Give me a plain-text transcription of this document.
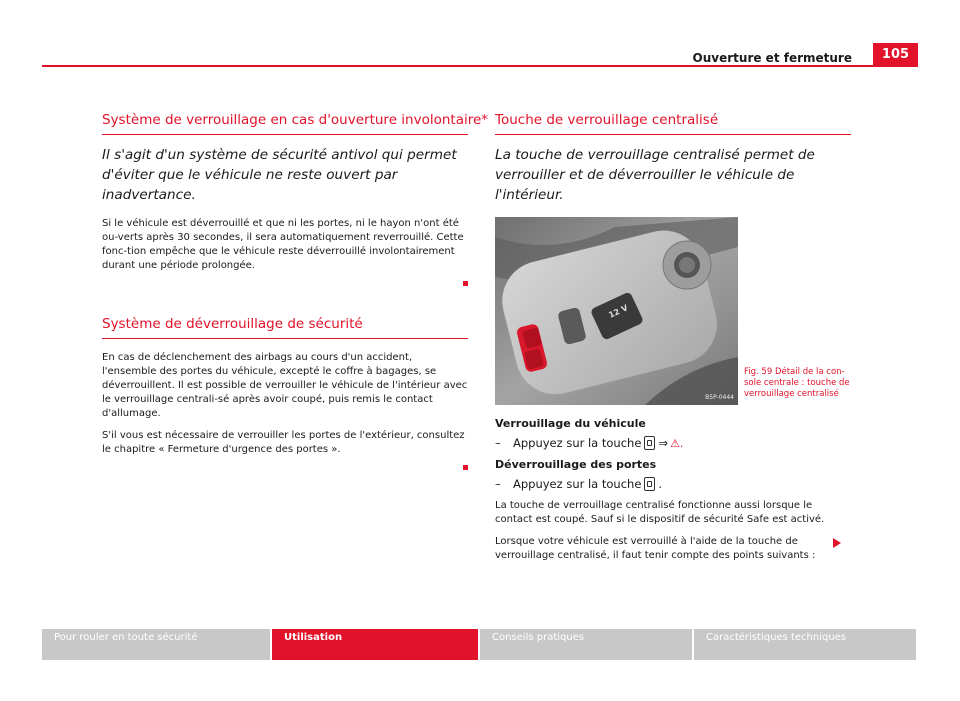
Ouverture et fermeture	105
Système de verrouillage en cas d'ouverture involontaire*

Il s'agit d'un système de sécurité antivol qui permet d'éviter que le véhicule ne reste ouvert par inadvertance.

Si le véhicule est déverrouillé et que ni les portes, ni le hayon n'ont été ou-verts après 30 secondes, il sera automatiquement reverrouillé. Cette fonc-tion empêche que le véhicule reste déverrouillé involontairement durant une période prolongée.

Système de déverrouillage de sécurité

En cas de déclenchement des airbags au cours d'un accident, l'ensemble des portes du véhicule, excepté le coffre à bagages, se déverrouillent. Il est possible de verrouiller le véhicule de l'intérieur avec le verrouillage centrali-sé après avoir coupé, puis remis le contact d'allumage.

S'il vous est nécessaire de verrouiller les portes de l'extérieur, consultez le chapitre « Fermeture d'urgence des portes ».

Touche de verrouillage centralisé

La touche de verrouillage centralisé permet de verrouiller et de déverrouiller le véhicule de l'intérieur.

12 V
B5P-0444
Fig. 59 Détail de la con-sole centrale : touche de verrouillage centralisé
Verrouillage du véhicule
–	Appuyez sur la touche ⇒ ⚠.
Déverrouillage des portes
–	Appuyez sur la touche .

La touche de verrouillage centralisé fonctionne aussi lorsque le contact est coupé. Sauf si le dispositif de sécurité Safe est activé.

Lorsque votre véhicule est verrouillé à l'aide de la touche de verrouillage centralisé, il faut tenir compte des points suivants :

Pour rouler en toute sécurité	Utilisation	Conseils pratiques	Caractéristiques techniques
